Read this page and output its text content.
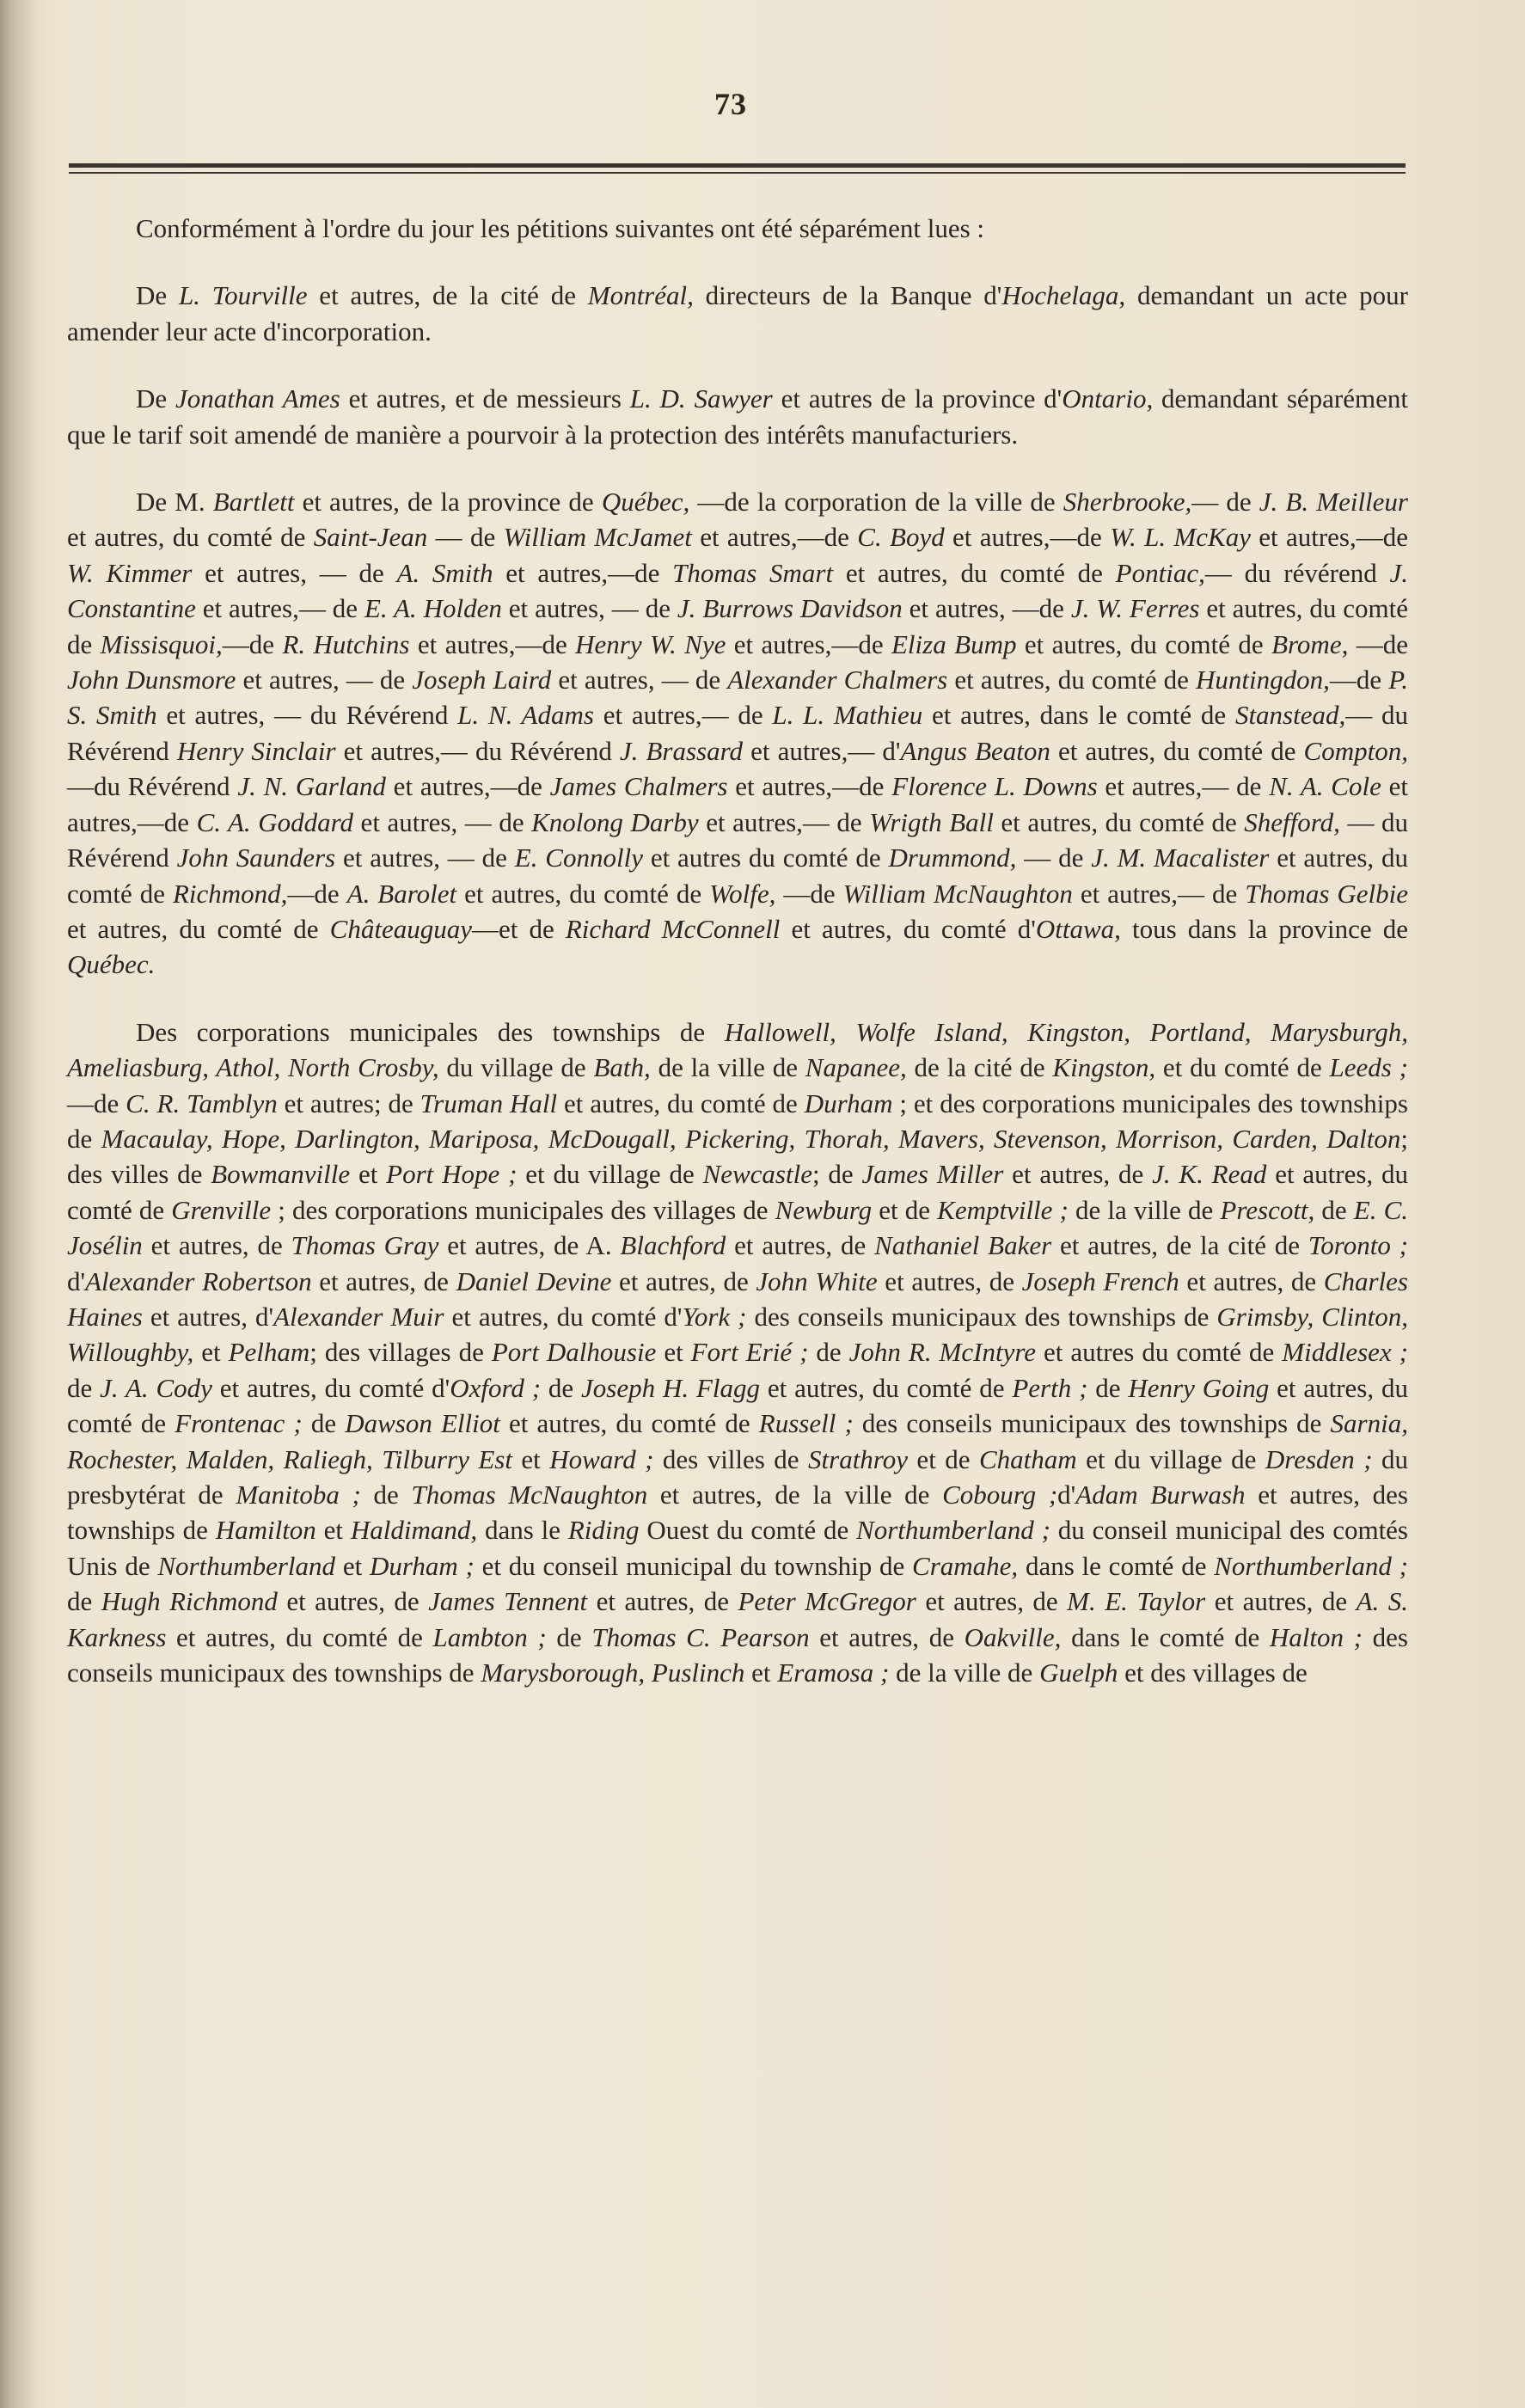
73

Conformément à l'ordre du jour les pétitions suivantes ont été séparément lues :

De L. Tourville et autres, de la cité de Montréal, directeurs de la Banque d'Hochelaga, demandant un acte pour amender leur acte d'incorporation.

De Jonathan Ames et autres, et de messieurs L. D. Sawyer et autres de la province d'Ontario, demandant séparément que le tarif soit amendé de manière a pourvoir à la protection des intérêts manufacturiers.

De M. Bartlett et autres, de la province de Québec, —de la corporation de la ville de Sherbrooke,— de J. B. Meilleur et autres, du comté de Saint-Jean — de William McJamet et autres,—de C. Boyd et autres,—de W. L. McKay et autres,—de W. Kimmer et autres, — de A. Smith et autres,—de Thomas Smart et autres, du comté de Pontiac,— du révérend J. Constantine et autres,— de E. A. Holden et autres, — de J. Burrows Davidson et autres, —de J. W. Ferres et autres, du comté de Missisquoi,—de R. Hutchins et autres,—de Henry W. Nye et autres,—de Eliza Bump et autres, du comté de Brome, —de John Dunsmore et autres, — de Joseph Laird et autres, — de Alexander Chalmers et autres, du comté de Huntingdon,—de P. S. Smith et autres, — du Révérend L. N. Adams et autres,— de L. L. Mathieu et autres, dans le comté de Stanstead,— du Révérend Henry Sinclair et autres,— du Révérend J. Brassard et autres,— d'Angus Beaton et autres, du comté de Compton,—du Révérend J. N. Garland et autres,—de James Chalmers et autres,—de Florence L. Downs et autres,— de N. A. Cole et autres,—de C. A. Goddard et autres, — de Knolong Darby et autres,— de Wrigth Ball et autres, du comté de Shefford, — du Révérend John Saunders et autres, — de E. Connolly et autres du comté de Drummond, — de J. M. Macalister et autres, du comté de Richmond,—de A. Barolet et autres, du comté de Wolfe, —de William McNaughton et autres,— de Thomas Gelbie et autres, du comté de Châteauguay—et de Richard McConnell et autres, du comté d'Ottawa, tous dans la province de Québec.

Des corporations municipales des townships de Hallowell, Wolfe Island, Kingston, Portland, Marysburgh, Ameliasburg, Athol, North Crosby, du village de Bath, de la ville de Napanee, de la cité de Kingston, et du comté de Leeds ;—de C. R. Tamblyn et autres; de Truman Hall et autres, du comté de Durham ; et des corporations municipales des townships de Macaulay, Hope, Darlington, Mariposa, McDougall, Pickering, Thorah, Mavers, Stevenson, Morrison, Carden, Dalton; des villes de Bowmanville et Port Hope ; et du village de Newcastle; de James Miller et autres, de J. K. Read et autres, du comté de Grenville ; des corporations municipales des villages de Newburg et de Kemptville ; de la ville de Prescott, de E. C. Josélin et autres, de Thomas Gray et autres, de A. Blachford et autres, de Nathaniel Baker et autres, de la cité de Toronto ; d'Alexander Robertson et autres, de Daniel Devine et autres, de John White et autres, de Joseph French et autres, de Charles Haines et autres, d'Alexander Muir et autres, du comté d'York ; des conseils municipaux des townships de Grimsby, Clinton, Willoughby, et Pelham; des villages de Port Dalhousie et Fort Erié ; de John R. McIntyre et autres du comté de Middlesex ; de J. A. Cody et autres, du comté d'Oxford ; de Joseph H. Flagg et autres, du comté de Perth ; de Henry Going et autres, du comté de Frontenac ; de Dawson Elliot et autres, du comté de Russell ; des conseils municipaux des townships de Sarnia, Rochester, Malden, Raliegh, Tilburry Est et Howard ; des villes de Strathroy et de Chatham et du village de Dresden ; du presbytérat de Manitoba ; de Thomas McNaughton et autres, de la ville de Cobourg ;d'Adam Burwash et autres, des townships de Hamilton et Haldimand, dans le Riding Ouest du comté de Northumberland ; du conseil municipal des comtés Unis de Northumberland et Durham ; et du conseil municipal du township de Cramahe, dans le comté de Northumberland ; de Hugh Richmond et autres, de James Tennent et autres, de Peter McGregor et autres, de M. E. Taylor et autres, de A. S. Karkness et autres, du comté de Lambton ; de Thomas C. Pearson et autres, de Oakville, dans le comté de Halton ; des conseils municipaux des townships de Marysborough, Puslinch et Eramosa ; de la ville de Guelph et des villages de
